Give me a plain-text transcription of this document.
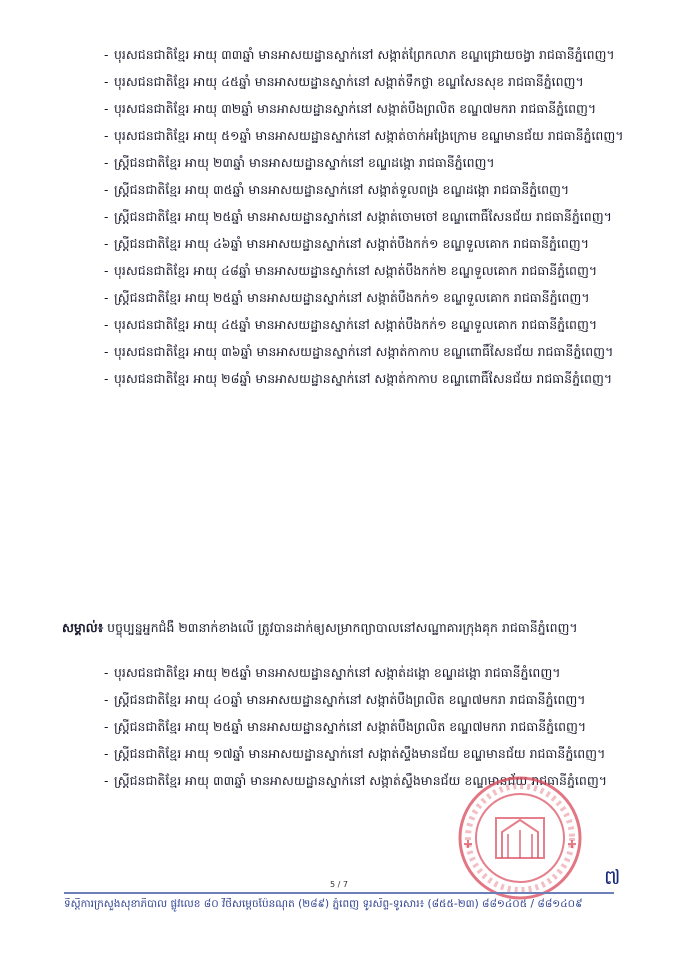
- បុរសជនជាតិខ្មែរ អាយុ ៣៣ឆ្នាំ មានអាសយដ្ឋានស្នាក់នៅ សង្កាត់ព្រែកលាភ ខណ្ឌជ្រោយចង្វា រាជធានីភ្នំពេញ។
- បុរសជនជាតិខ្មែរ អាយុ ៤៥ឆ្នាំ មានអាសយដ្ឋានស្នាក់នៅ សង្កាត់ទឹកថ្លា ខណ្ឌសែនសុខ រាជធានីភ្នំពេញ។
- បុរសជនជាតិខ្មែរ អាយុ ៣២ឆ្នាំ មានអាសយដ្ឋានស្នាក់នៅ សង្កាត់បឹងព្រលិត ខណ្ឌ៧មករា រាជធានីភ្នំពេញ។
- បុរសជនជាតិខ្មែរ អាយុ ៥១ឆ្នាំ មានអាសយដ្ឋានស្នាក់នៅ សង្កាត់ចាក់អង្រែក្រោម ខណ្ឌមានជ័យ រាជធានីភ្នំពេញ។
- ស្ត្រីជនជាតិខ្មែរ អាយុ ២៣ឆ្នាំ មានអាសយដ្ឋានស្នាក់នៅ ខណ្ឌដង្កោ រាជធានីភ្នំពេញ។
- ស្ត្រីជនជាតិខ្មែរ អាយុ ៣៥ឆ្នាំ មានអាសយដ្ឋានស្នាក់នៅ សង្កាត់ទួលពង្រ ខណ្ឌដង្កោ រាជធានីភ្នំពេញ។
- ស្ត្រីជនជាតិខ្មែរ អាយុ ២៥ឆ្នាំ មានអាសយដ្ឋានស្នាក់នៅ សង្កាត់ចោមចៅ ខណ្ឌពោធិ៍សែនជ័យ រាជធានីភ្នំពេញ។
- ស្ត្រីជនជាតិខ្មែរ អាយុ ៤៦ឆ្នាំ មានអាសយដ្ឋានស្នាក់នៅ សង្កាត់បឹងកក់១ ខណ្ឌទួលគោក រាជធានីភ្នំពេញ។
- បុរសជនជាតិខ្មែរ អាយុ ៤៨ឆ្នាំ មានអាសយដ្ឋានស្នាក់នៅ សង្កាត់បឹងកក់២ ខណ្ឌទួលគោក រាជធានីភ្នំពេញ។
- ស្ត្រីជនជាតិខ្មែរ អាយុ ២៥ឆ្នាំ មានអាសយដ្ឋានស្នាក់នៅ សង្កាត់បឹងកក់១ ខណ្ឌទួលគោក រាជធានីភ្នំពេញ។
- បុរសជនជាតិខ្មែរ អាយុ ៤៥ឆ្នាំ មានអាសយដ្ឋានស្នាក់នៅ សង្កាត់បឹងកក់១ ខណ្ឌទួលគោក រាជធានីភ្នំពេញ។
- បុរសជនជាតិខ្មែរ អាយុ ៣៦ឆ្នាំ មានអាសយដ្ឋានស្នាក់នៅ សង្កាត់កាកាប ខណ្ឌពោធិ៍សែនជ័យ រាជធានីភ្នំពេញ។
- បុរសជនជាតិខ្មែរ អាយុ ២៨ឆ្នាំ មានអាសយដ្ឋានស្នាក់នៅ សង្កាត់កាកាប ខណ្ឌពោធិ៍សែនជ័យ រាជធានីភ្នំពេញ។
សម្គាល់៖ បច្ចុប្បន្នអ្នកជំងឺ ២៣នាក់ខាងលើ ត្រូវបានដាក់ឲ្យសម្រាកព្យាបាលនៅសណ្ឋាគារក្រុងគុក រាជធានីភ្នំពេញ។
- បុរសជនជាតិខ្មែរ អាយុ ២៥ឆ្នាំ មានអាសយដ្ឋានស្នាក់នៅ សង្កាត់ដង្កោ ខណ្ឌដង្កោ រាជធានីភ្នំពេញ។
- ស្ត្រីជនជាតិខ្មែរ អាយុ ៤០ឆ្នាំ មានអាសយដ្ឋានស្នាក់នៅ សង្កាត់បឹងព្រលិត ខណ្ឌ៧មករា រាជធានីភ្នំពេញ។
- ស្ត្រីជនជាតិខ្មែរ អាយុ ២៥ឆ្នាំ មានអាសយដ្ឋានស្នាក់នៅ សង្កាត់បឹងព្រលិត ខណ្ឌ៧មករា រាជធានីភ្នំពេញ។
- ស្ត្រីជនជាតិខ្មែរ អាយុ ១៧ឆ្នាំ មានអាសយដ្ឋានស្នាក់នៅ សង្កាត់ស្ទឹងមានជ័យ ខណ្ឌមានជ័យ រាជធានីភ្នំពេញ។
- ស្ត្រីជនជាតិខ្មែរ អាយុ ៣៣ឆ្នាំ មានអាសយដ្ឋានស្នាក់នៅ សង្កាត់ស្ទឹងមានជ័យ ខណ្ឌមានជ័យ រាជធានីភ្នំពេញ។
៧
5 / 7
ទីស្តីការក្រសួងសុខាភិបាល ផ្លូវលេខ ៨០ វិថីសម្តេចប៉ែនណុត (២៨៩) ភ្នំពេញ ទូរស័ព្ទ-ទូរសារ៖ (៨៥៥-២៣) ៨៨១៤០៥ / ៨៨១៤០៩
